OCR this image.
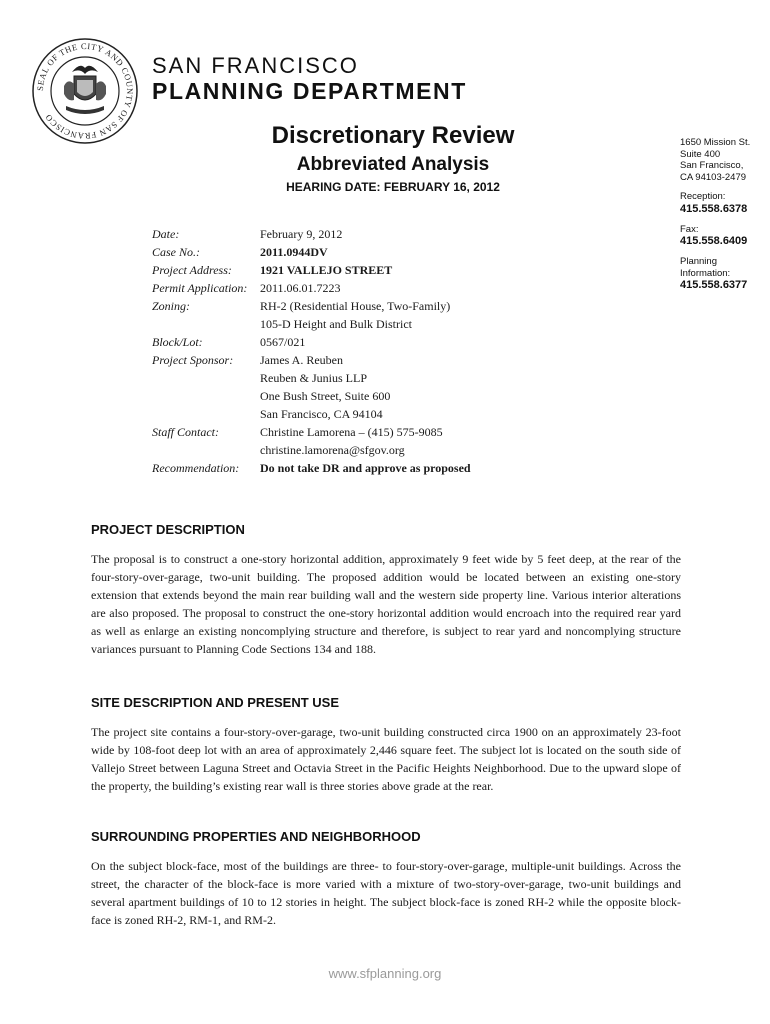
SEAL OF THE CITY AND COUNTY OF SAN FRANCISCO
SAN FRANCISCO
PLANNING DEPARTMENT
Discretionary Review
Abbreviated Analysis
HEARING DATE: FEBRUARY 16, 2012
1650 Mission St.
Suite 400
San Francisco,
CA 94103-2479
Reception:
415.558.6378
Fax:
415.558.6409
Planning
Information:
415.558.6377
Date:	February 9, 2012
Case No.:	2011.0944DV
Project Address:	1921 VALLEJO STREET
Permit Application:	2011.06.01.7223
Zoning:	RH-2 (Residential House, Two-Family)
105-D Height and Bulk District
Block/Lot:	0567/021
Project Sponsor:	James A. Reuben
Reuben & Junius LLP
One Bush Street, Suite 600
San Francisco, CA 94104
Staff Contact:	Christine Lamorena – (415) 575-9085
christine.lamorena@sfgov.org
Recommendation:	Do not take DR and approve as proposed
PROJECT DESCRIPTION

The proposal is to construct a one-story horizontal addition, approximately 9 feet wide by 5 feet deep, at the rear of the four-story-over-garage, two-unit building. The proposed addition would be located between an existing one-story extension that extends beyond the main rear building wall and the western side property line. Various interior alterations are also proposed. The proposal to construct the one-story horizontal addition would encroach into the required rear yard as well as enlarge an existing noncomplying structure and therefore, is subject to rear yard and noncomplying structure variances pursuant to Planning Code Sections 134 and 188.

SITE DESCRIPTION AND PRESENT USE

The project site contains a four-story-over-garage, two-unit building constructed circa 1900 on an approximately 23-foot wide by 108-foot deep lot with an area of approximately 2,446 square feet. The subject lot is located on the south side of Vallejo Street between Laguna Street and Octavia Street in the Pacific Heights Neighborhood. Due to the upward slope of the property, the building’s existing rear wall is three stories above grade at the rear.

SURROUNDING PROPERTIES AND NEIGHBORHOOD

On the subject block-face, most of the buildings are three- to four-story-over-garage, multiple-unit buildings. Across the street, the character of the block-face is more varied with a mixture of two-story-over-garage, two-unit buildings and several apartment buildings of 10 to 12 stories in height. The subject block-face is zoned RH-2 while the opposite block-face is zoned RH-2, RM-1, and RM-2.

www.sfplanning.org
